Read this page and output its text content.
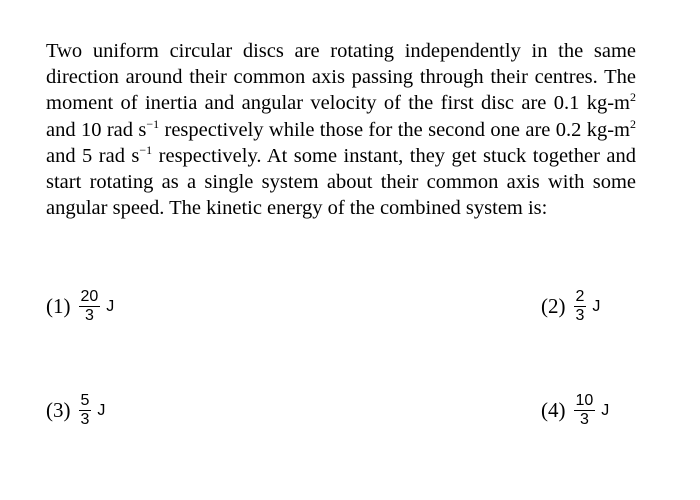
Two uniform circular discs are rotating independently in the same direction around their common axis passing through their centres. The moment of inertia and angular velocity of the first disc are 0.1 $kg-m^2$ and 10 rad $s^{-1}$ respectively while those for the second one are 0.2 $kg-m^2$ and 5 rad $s^{-1}$ respectively. At some instant, they get stuck together and start rotating as a single system about their common axis with some angular speed. The kinetic energy of the combined system is:
$(1) \frac{20}{3}$ J	$(2) \frac{2}{3}$ J
$(3) \frac{5}{3}$ J	$(4) \frac{10}{3}$ J
